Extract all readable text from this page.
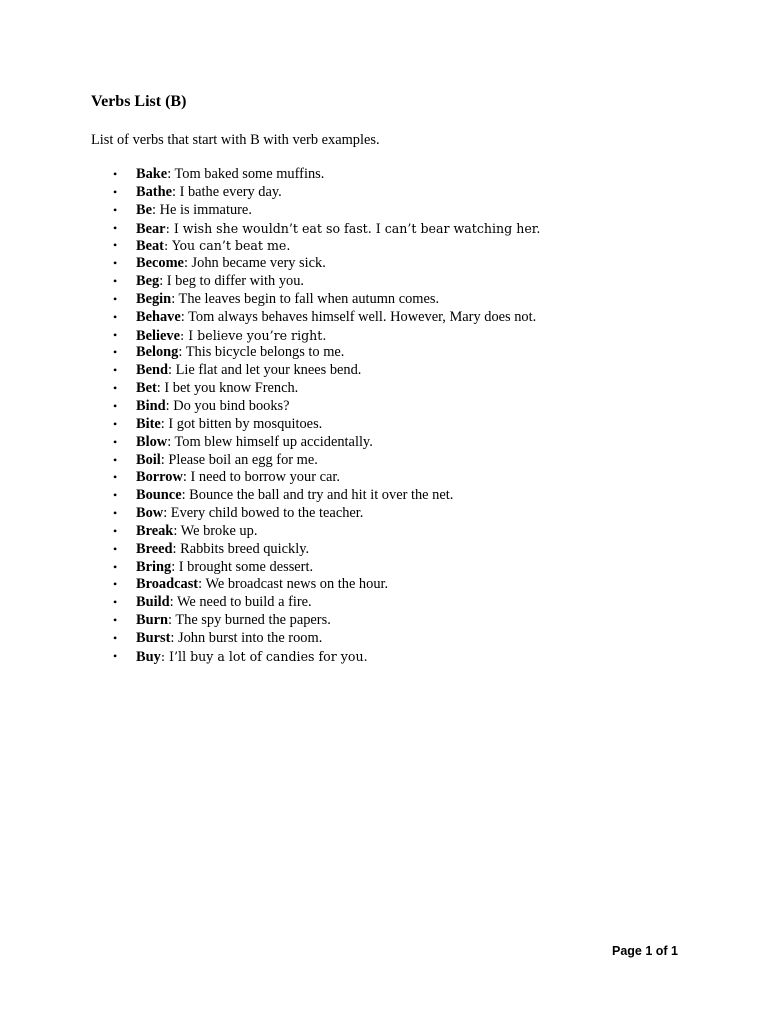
Verbs List (B)

List of verbs that start with B with verb examples.

• Bake: Tom baked some muffins.
• Bathe: I bathe every day.
• Be: He is immature.
• Bear: I wish she wouldn’t eat so fast. I can’t bear watching her.
• Beat: You can’t beat me.
• Become: John became very sick.
• Beg: I beg to differ with you.
• Begin: The leaves begin to fall when autumn comes.
• Behave: Tom always behaves himself well. However, Mary does not.
• Believe: I believe you’re right.
• Belong: This bicycle belongs to me.
• Bend: Lie flat and let your knees bend.
• Bet: I bet you know French.
• Bind: Do you bind books?
• Bite: I got bitten by mosquitoes.
• Blow: Tom blew himself up accidentally.
• Boil: Please boil an egg for me.
• Borrow: I need to borrow your car.
• Bounce: Bounce the ball and try and hit it over the net.
• Bow: Every child bowed to the teacher.
• Break: We broke up.
• Breed: Rabbits breed quickly.
• Bring: I brought some dessert.
• Broadcast: We broadcast news on the hour.
• Build: We need to build a fire.
• Burn: The spy burned the papers.
• Burst: John burst into the room.
• Buy: I’ll buy a lot of candies for you.
Page 1 of 1
